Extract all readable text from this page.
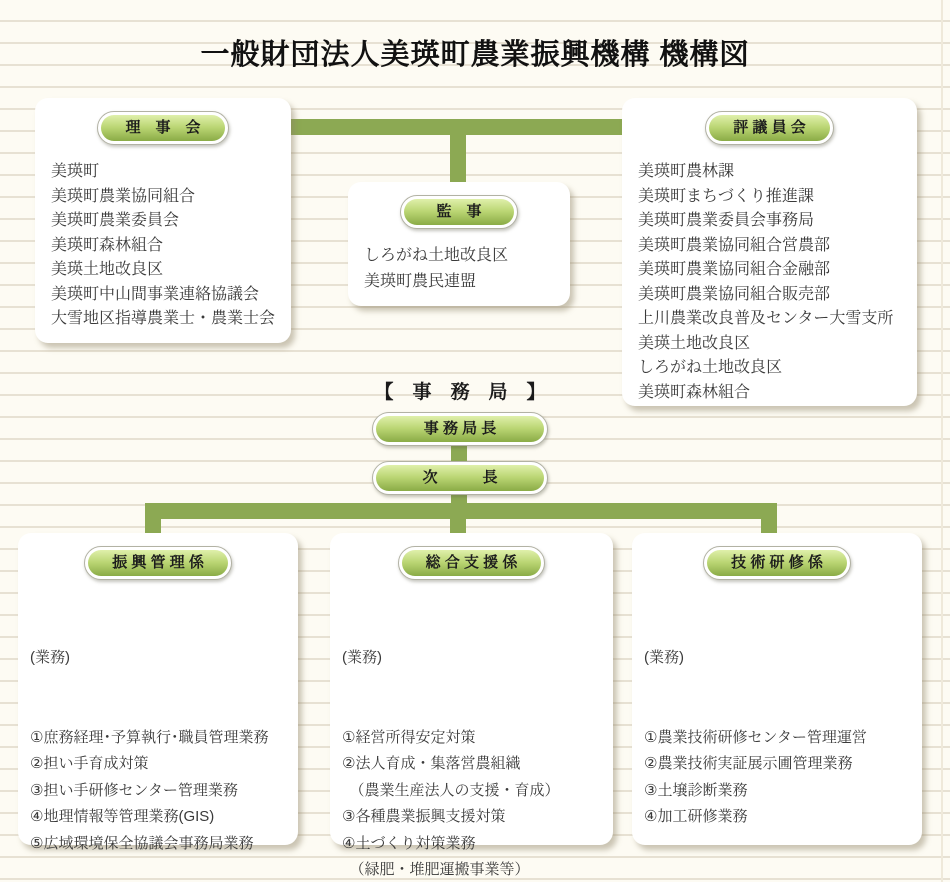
一般財団法人美瑛町農業振興機構 機構図
理　事　会
美瑛町
美瑛町農業協同組合
美瑛町農業委員会
美瑛町森林組合
美瑛土地改良区
美瑛町中山間事業連絡協議会
大雪地区指導農業士・農業士会
監　事
しろがね土地改良区
美瑛町農民連盟
評 議 員 会
美瑛町農林課
美瑛町まちづくり推進課
美瑛町農業委員会事務局
美瑛町農業協同組合営農部
美瑛町農業協同組合金融部
美瑛町農業協同組合販売部
上川農業改良普及センター大雪支所
美瑛土地改良区
しろがね土地改良区
美瑛町森林組合
【　事　務　局　】
事 務 局 長
次　　　長
振 興 管 理 係

(業務)

①庶務経理･予算執行･職員管理業務
②担い手育成対策
③担い手研修センター管理業務
④地理情報等管理業務(GIS)
⑤広域環境保全協議会事務局業務

総 合 支 援 係

(業務)

①経営所得安定対策
②法人育成・集落営農組織
　（農業生産法人の支援・育成）
③各種農業振興支援対策
④土づくり対策業務
　（緑肥・堆肥運搬事業等）

技 術 研 修 係

(業務)

①農業技術研修センター管理運営
②農業技術実証展示圃管理業務
③土壌診断業務
④加工研修業務
